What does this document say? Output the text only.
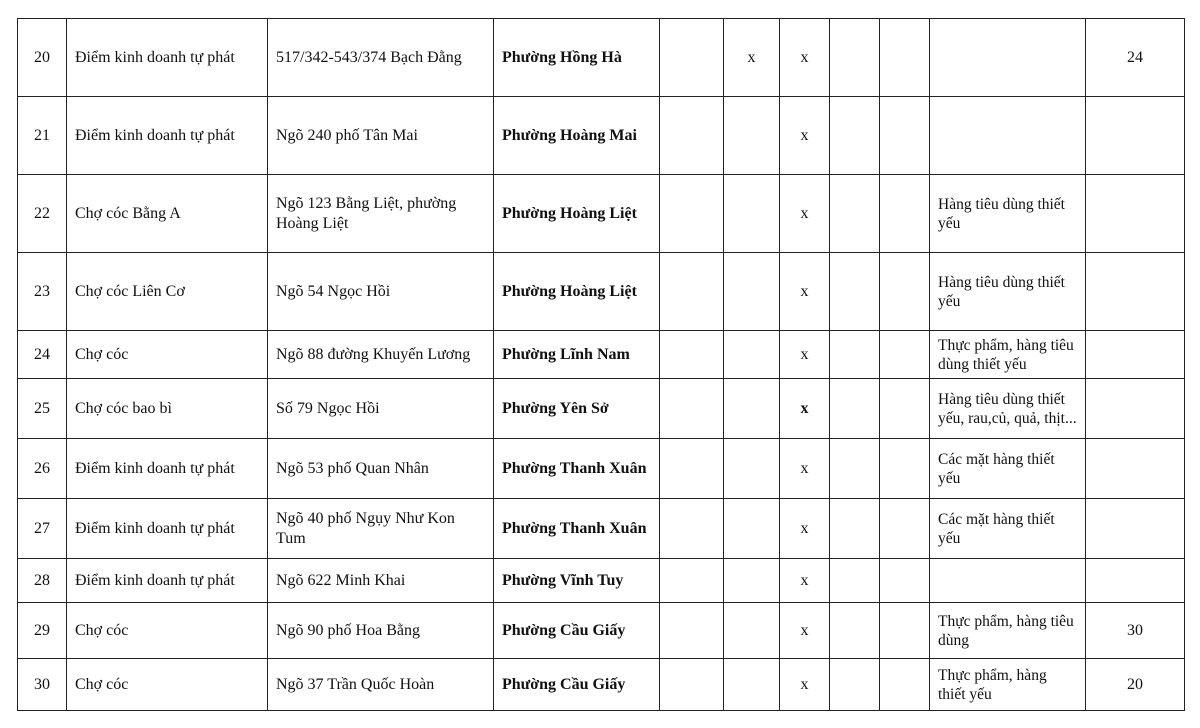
20	Điểm kinh doanh tự phát	517/342-543/374 Bạch Đằng	Phường Hồng Hà		x	x				24
21	Điểm kinh doanh tự phát	Ngõ 240 phố Tân Mai	Phường Hoàng Mai			x				
22	Chợ cóc Bằng A	Ngõ 123 Bằng Liệt, phường Hoàng Liệt	Phường Hoàng Liệt			x			Hàng tiêu dùng thiết yếu	
23	Chợ cóc Liên Cơ	Ngõ 54 Ngọc Hồi	Phường Hoàng Liệt			x			Hàng tiêu dùng thiết yếu	
24	Chợ cóc	Ngõ 88 đường Khuyến Lương	Phường Lĩnh Nam			x			Thực phẩm, hàng tiêu dùng thiết yếu	
25	Chợ cóc bao bì	Số 79 Ngọc Hồi	Phường Yên Sở			x			Hàng tiêu dùng thiết yếu, rau,củ, quả, thịt...	
26	Điểm kinh doanh tự phát	Ngõ 53 phố Quan Nhân	Phường Thanh Xuân			x			Các mặt hàng thiết yếu	
27	Điểm kinh doanh tự phát	Ngõ 40 phố Ngụy Như Kon Tum	Phường Thanh Xuân			x			Các mặt hàng thiết yếu	
28	Điểm kinh doanh tự phát	Ngõ 622 Minh Khai	Phường Vĩnh Tuy			x				
29	Chợ cóc	Ngõ 90 phố Hoa Bằng	Phường Cầu Giấy			x			Thực phẩm, hàng tiêu dùng	30
30	Chợ cóc	Ngõ 37 Trần Quốc Hoàn	Phường Cầu Giấy			x			Thực phẩm, hàng thiết yếu	20
